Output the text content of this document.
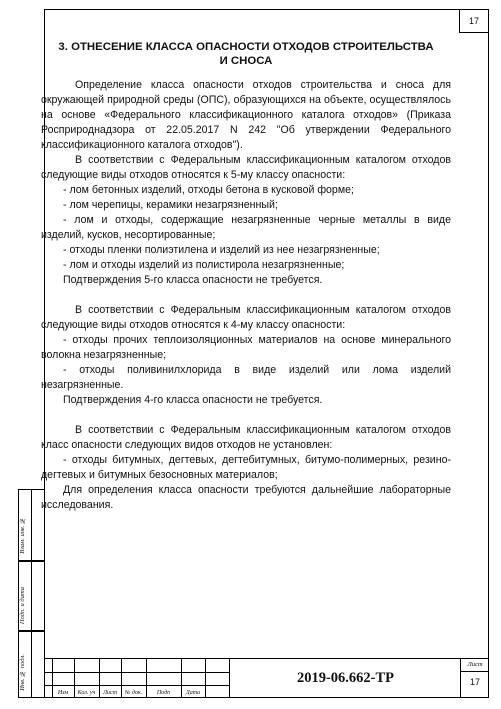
17
3. ОТНЕСЕНИЕ КЛАССА ОПАСНОСТИ ОТХОДОВ СТРОИТЕЛЬСТВА
И СНОСА

Определение класса опасности отходов строительства и сноса для окружающей природной среды (ОПС), образующихся на объекте, осуществлялось на основе «Федерального классификационного каталога отходов» (Приказа Росприроднадзора от 22.05.2017 N 242 "Об утверждении Федерального классификационного каталога отходов").

В соответствии с Федеральным классификационным каталогом отходов следующие виды отходов относятся к 5-му классу опасности:

- лом бетонных изделий, отходы бетона в кусковой форме;

- лом черепицы, керамики незагрязненный;

- лом и отходы, содержащие незагрязненные черные металлы в виде изделий, кусков, несортированные;

- отходы пленки полиэтилена и изделий из нее незагрязненные;

- лом и отходы изделий из полистирола незагрязненные;

Подтверждения 5-го класса опасности не требуется.

В соответствии с Федеральным классификационным каталогом отходов следующие виды отходов относятся к 4-му классу опасности:

- отходы прочих теплоизоляционных материалов на основе минерального волокна незагрязненные;

- отходы поливинилхлорида в виде изделий или лома изделий незагрязненные.

Подтверждения 4-го класса опасности не требуется.

В соответствии с Федеральным классификационным каталогом отходов класс опасности следующих видов отходов не установлен:

- отходы битумных, дегтевых, дегтебитумных, битумо-полимерных, резино-дегтевых и битумных безосновных материалов;

Для определения класса опасности требуются дальнейшие лабораторные исследования.

Взам. инв. №
Подп. и дата
Инв. № подл.
Изм	Кол. уч	Лист	№ док.	Подп	Дата
2019-06.662-ТР
Лист
17
